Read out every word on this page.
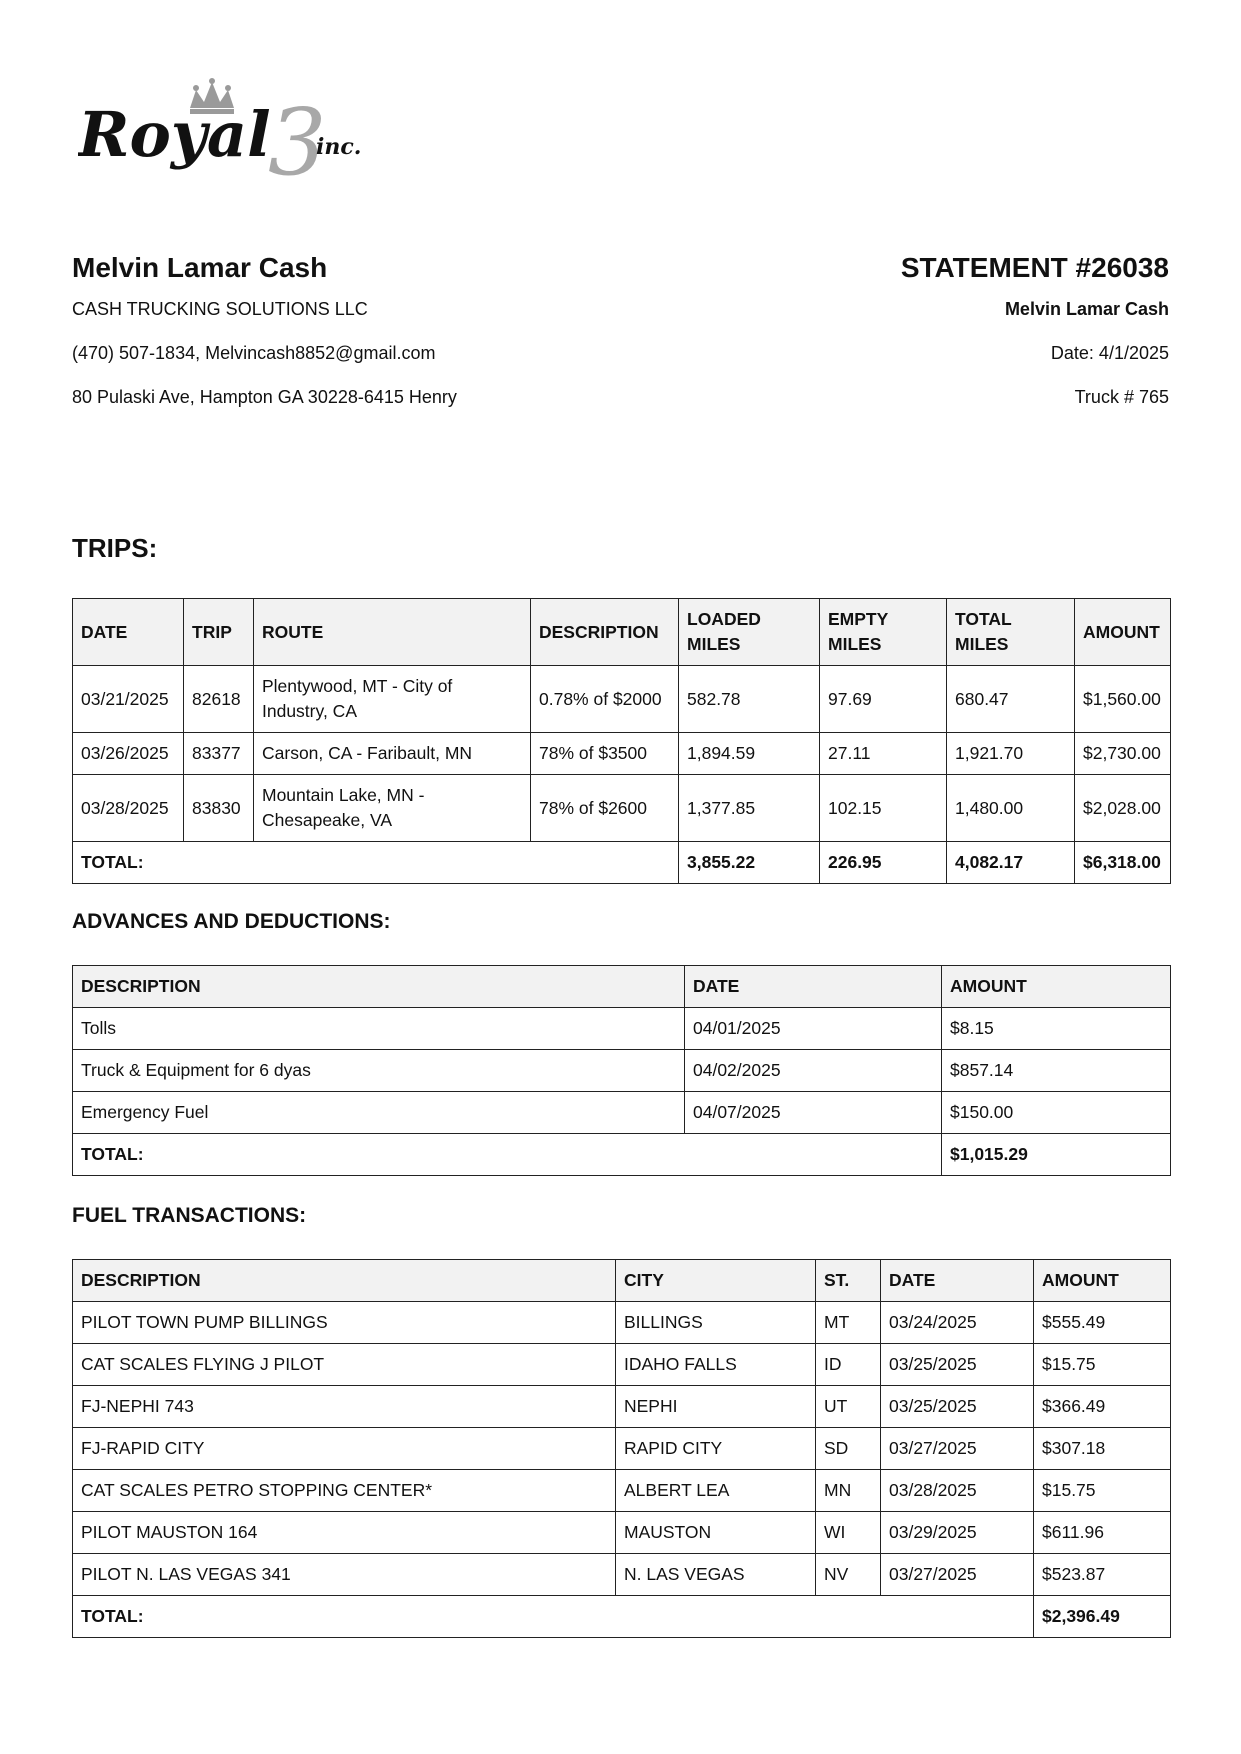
3
Royal inc.
Melvin Lamar Cash
CASH TRUCKING SOLUTIONS LLC
(470) 507-1834, Melvincash8852@gmail.com
80 Pulaski Ave, Hampton GA 30228-6415 Henry
STATEMENT #26038
Melvin Lamar Cash
Date: 4/1/2025
Truck # 765
TRIPS:
DATE	TRIP	ROUTE	DESCRIPTION	LOADED MILES	EMPTY MILES	TOTAL MILES	AMOUNT
03/21/2025	82618	Plentywood, MT - City of Industry, CA	0.78% of $2000	582.78	97.69	680.47	$1,560.00
03/26/2025	83377	Carson, CA - Faribault, MN	78% of $3500	1,894.59	27.11	1,921.70	$2,730.00
03/28/2025	83830	Mountain Lake, MN - Chesapeake, VA	78% of $2600	1,377.85	102.15	1,480.00	$2,028.00
TOTAL:				3,855.22	226.95	4,082.17	$6,318.00
ADVANCES AND DEDUCTIONS:
DESCRIPTION	DATE	AMOUNT
Tolls	04/01/2025	$8.15
Truck & Equipment for 6 dyas	04/02/2025	$857.14
Emergency Fuel	04/07/2025	$150.00
TOTAL:		$1,015.29
FUEL TRANSACTIONS:
DESCRIPTION	CITY	ST.	DATE	AMOUNT
PILOT TOWN PUMP BILLINGS	BILLINGS	MT	03/24/2025	$555.49
CAT SCALES FLYING J PILOT	IDAHO FALLS	ID	03/25/2025	$15.75
FJ-NEPHI 743	NEPHI	UT	03/25/2025	$366.49
FJ-RAPID CITY	RAPID CITY	SD	03/27/2025	$307.18
CAT SCALES PETRO STOPPING CENTER*	ALBERT LEA	MN	03/28/2025	$15.75
PILOT MAUSTON 164	MAUSTON	WI	03/29/2025	$611.96
PILOT N. LAS VEGAS 341	N. LAS VEGAS	NV	03/27/2025	$523.87
TOTAL:				$2,396.49
